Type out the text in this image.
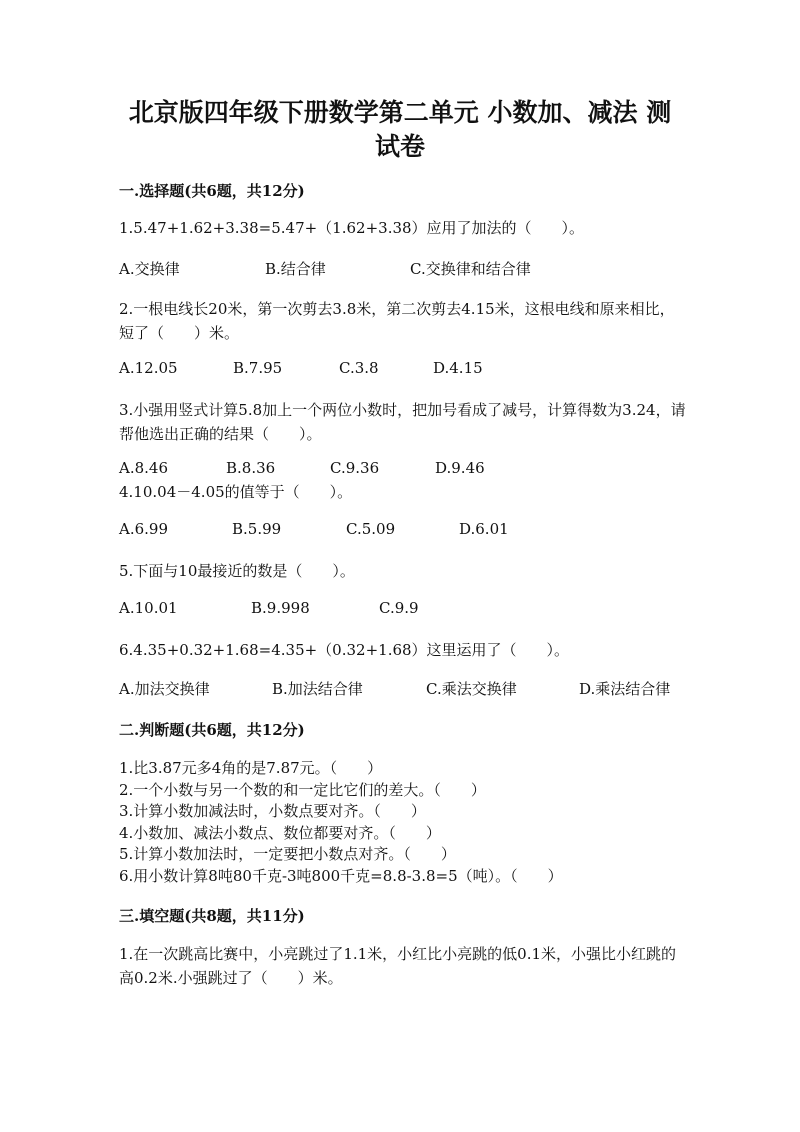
北京版四年级下册数学第二单元 小数加、减法 测试卷
一.选择题(共6题，共12分)
1.5.47+1.62+3.38=5.47+（1.62+3.38）应用了加法的（　　）。
A.交换律	B.结合律	C.交换律和结合律
2.一根电线长20米，第一次剪去3.8米，第二次剪去4.15米，这根电线和原来相比，短了（　　）米。
A.12.05	B.7.95	C.3.8	D.4.15
3.小强用竖式计算5.8加上一个两位小数时，把加号看成了减号，计算得数为3.24，请帮他选出正确的结果（　　）。
A.8.46	B.8.36	C.9.36	D.9.46
4.10.04－4.05的值等于（　　）。
A.6.99	B.5.99	C.5.09	D.6.01
5.下面与10最接近的数是（　　）。
A.10.01	B.9.998	C.9.9
6.4.35+0.32+1.68=4.35+（0.32+1.68）这里运用了（　　）。
A.加法交换律	B.加法结合律	C.乘法交换律	D.乘法结合律
二.判断题(共6题，共12分)
1.比3.87元多4角的是7.87元。（　　）
2.一个小数与另一个数的和一定比它们的差大。（　　）
3.计算小数加减法时，小数点要对齐。（　　）
4.小数加、减法小数点、数位都要对齐。（　　）
5.计算小数加法时，一定要把小数点对齐。（　　）
6.用小数计算8吨80千克-3吨800千克=8.8-3.8=5（吨）。（　　）
三.填空题(共8题，共11分)
1.在一次跳高比赛中，小亮跳过了1.1米，小红比小亮跳的低0.1米，小强比小红跳的高0.2米.小强跳过了（　　）米。
